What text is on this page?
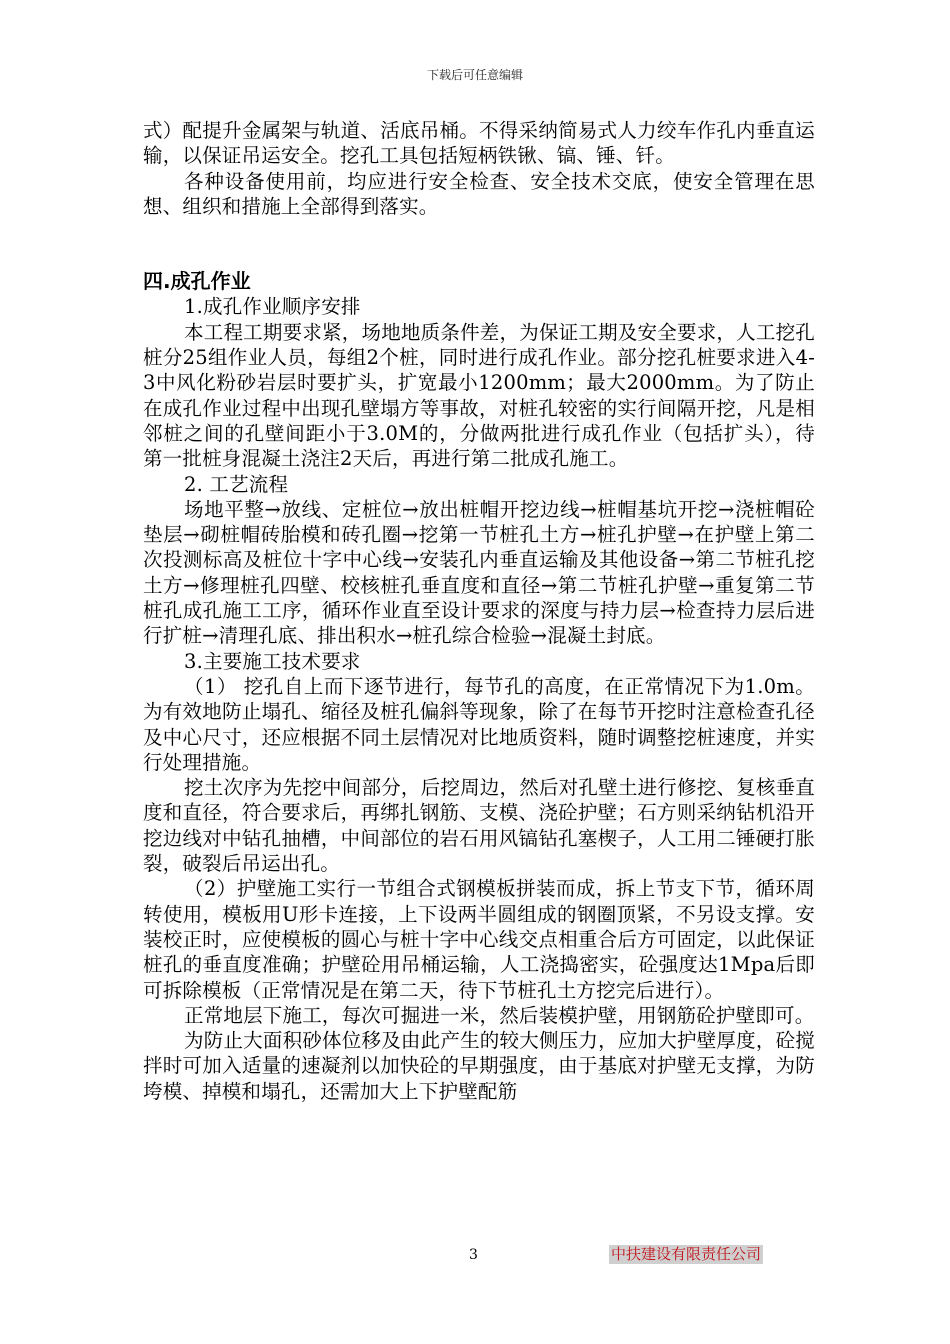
下载后可任意编辑

式）配提升金属架与轨道、活底吊桶。不得采纳简易式人力绞车作孔内垂直运输，以保证吊运安全。挖孔工具包括短柄铁锹、镐、锤、钎。

各种设备使用前，均应进行安全检查、安全技术交底，使安全管理在思想、组织和措施上全部得到落实。

四.成孔作业

1.成孔作业顺序安排

本工程工期要求紧，场地地质条件差，为保证工期及安全要求，人工挖孔桩分25组作业人员，每组2个桩，同时进行成孔作业。部分挖孔桩要求进入4-3中风化粉砂岩层时要扩头，扩宽最小1200mm；最大2000mm。为了防止在成孔作业过程中出现孔壁塌方等事故，对桩孔较密的实行间隔开挖，凡是相邻桩之间的孔壁间距小于3.0M的，分做两批进行成孔作业（包括扩头），待第一批桩身混凝土浇注2天后，再进行第二批成孔施工。

2. 工艺流程

场地平整→放线、定桩位→放出桩帽开挖边线→桩帽基坑开挖→浇桩帽砼垫层→砌桩帽砖胎模和砖孔圈→挖第一节桩孔土方→桩孔护壁→在护壁上第二次投测标高及桩位十字中心线→安装孔内垂直运输及其他设备→第二节桩孔挖土方→修理桩孔四壁、校核桩孔垂直度和直径→第二节桩孔护壁→重复第二节桩孔成孔施工工序，循环作业直至设计要求的深度与持力层→检查持力层后进行扩桩→清理孔底、排出积水→桩孔综合检验→混凝土封底。

3.主要施工技术要求

（1） 挖孔自上而下逐节进行，每节孔的高度，在正常情况下为1.0m。为有效地防止塌孔、缩径及桩孔偏斜等现象，除了在每节开挖时注意检查孔径及中心尺寸，还应根据不同土层情况对比地质资料，随时调整挖桩速度，并实行处理措施。

挖土次序为先挖中间部分，后挖周边，然后对孔壁土进行修挖、复核垂直度和直径，符合要求后，再绑扎钢筋、支模、浇砼护壁；石方则采纳钻机沿开挖边线对中钻孔抽槽，中间部位的岩石用风镐钻孔塞楔子，人工用二锤硬打胀裂，破裂后吊运出孔。

（2）护壁施工实行一节组合式钢模板拼装而成，拆上节支下节，循环周转使用，模板用U形卡连接，上下设两半圆组成的钢圈顶紧，不另设支撑。安装校正时，应使模板的圆心与桩十字中心线交点相重合后方可固定，以此保证桩孔的垂直度准确；护壁砼用吊桶运输，人工浇捣密实，砼强度达1Mpa后即可拆除模板（正常情况是在第二天，待下节桩孔土方挖完后进行）。

正常地层下施工，每次可掘进一米，然后装模护壁，用钢筋砼护壁即可。

为防止大面积砂体位移及由此产生的较大侧压力，应加大护壁厚度，砼搅拌时可加入适量的速凝剂以加快砼的早期强度，由于基底对护壁无支撑，为防垮模、掉模和塌孔，还需加大上下护壁配筋

3	中扶建设有限责任公司
